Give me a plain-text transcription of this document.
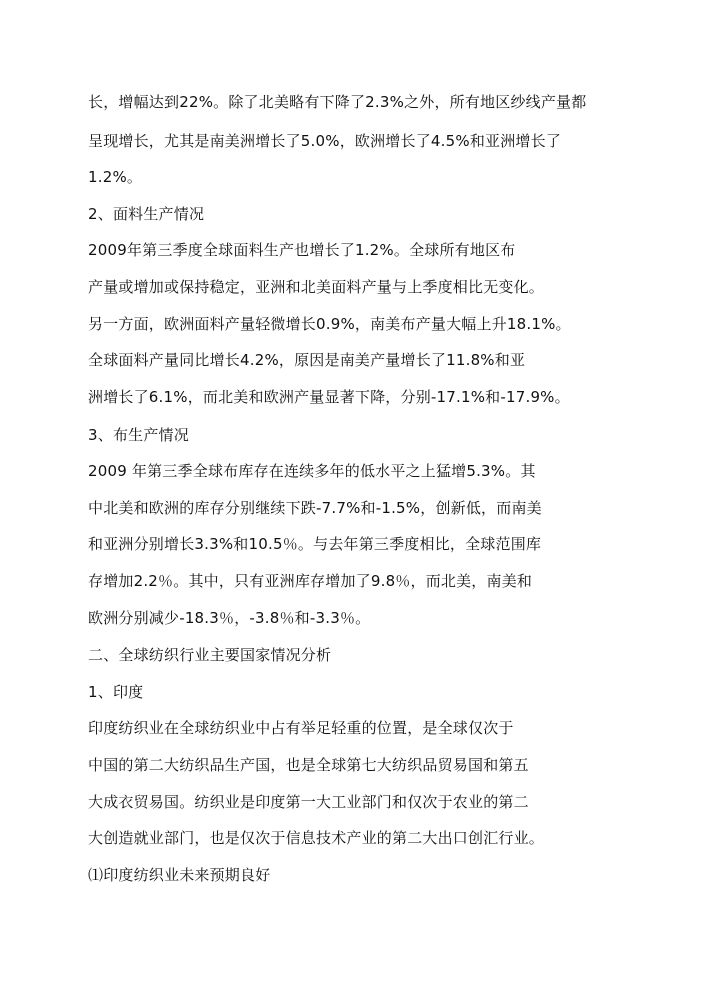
长，增幅达到22%。除了北美略有下降了2.3%之外，所有地区纱线产量都
呈现增长，尤其是南美洲增长了5.0%，欧洲增长了4.5%和亚洲增长了
1.2%。
2、面料生产情况
2009年第三季度全球面料生产也增长了1.2%。全球所有地区布
产量或增加或保持稳定，亚洲和北美面料产量与上季度相比无变化。
另一方面，欧洲面料产量轻微增长0.9%，南美布产量大幅上升18.1%。
全球面料产量同比增长4.2%，原因是南美产量增长了11.8%和亚
洲增长了6.1%，而北美和欧洲产量显著下降，分别-17.1%和-17.9%。
3、布生产情况
2009 年第三季全球布库存在连续多年的低水平之上猛增5.3%。其
中北美和欧洲的库存分别继续下跌-7.7%和-1.5%，创新低，而南美
和亚洲分别增长3.3%和10.5％。与去年第三季度相比，全球范围库
存增加2.2％。其中，只有亚洲库存增加了9.8％，而北美，南美和
欧洲分别减少-18.3％，-3.8％和-3.3％。
二、全球纺织行业主要国家情况分析
1、印度
印度纺织业在全球纺织业中占有举足轻重的位置，是全球仅次于
中国的第二大纺织品生产国，也是全球第七大纺织品贸易国和第五
大成衣贸易国。纺织业是印度第一大工业部门和仅次于农业的第二
大创造就业部门，也是仅次于信息技术产业的第二大出口创汇行业。
⑴印度纺织业未来预期良好
